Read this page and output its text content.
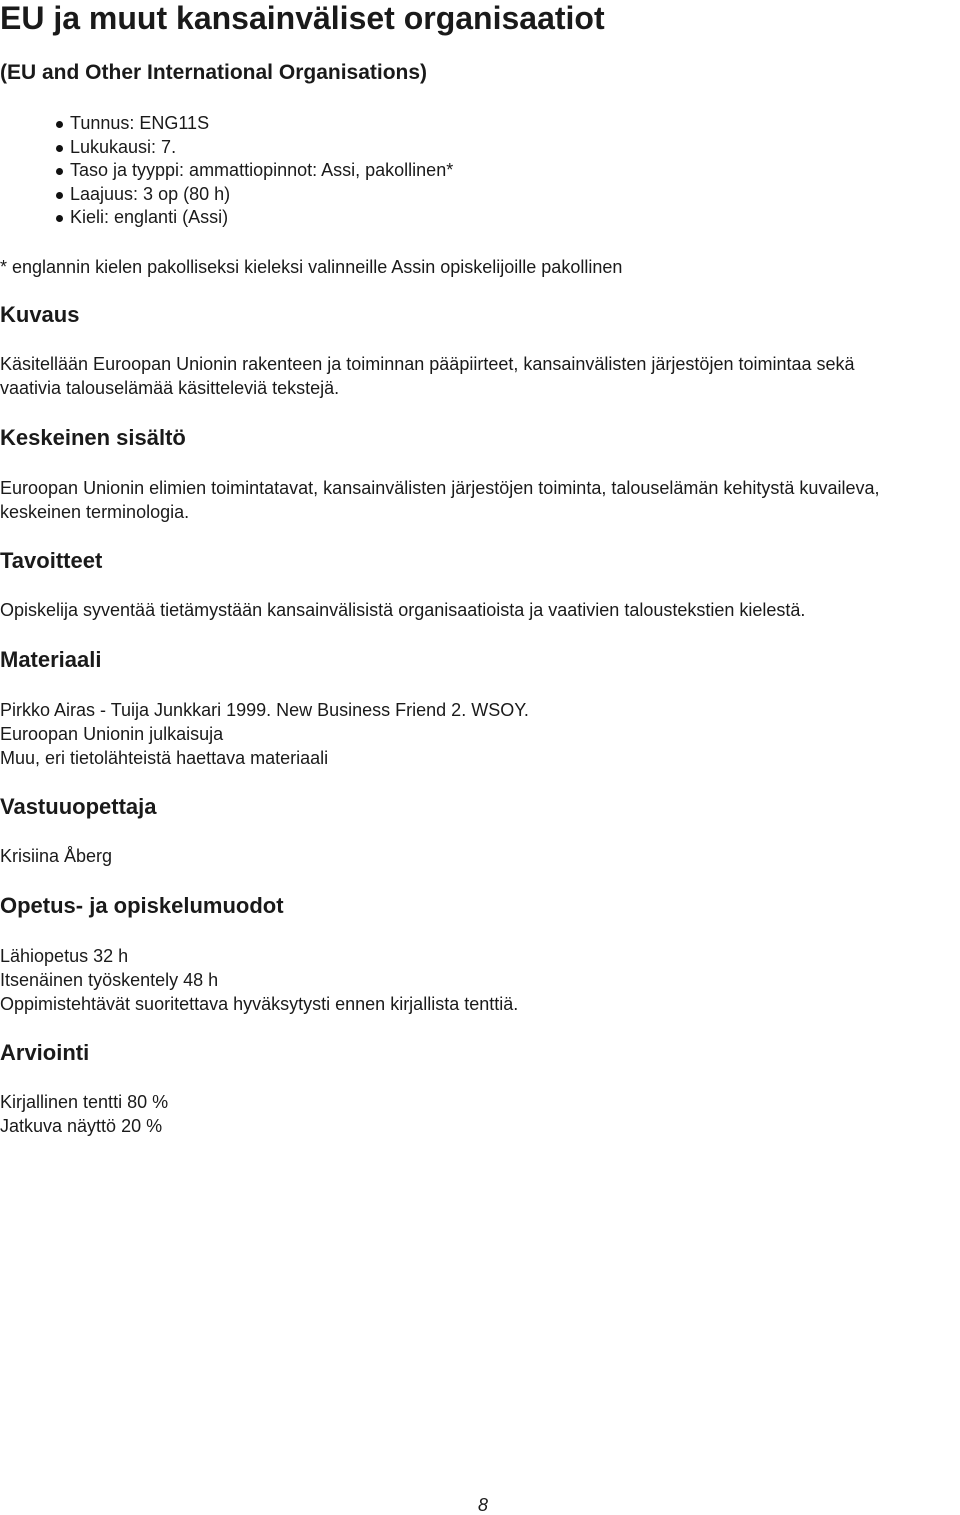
EU ja muut kansainväliset organisaatiot
(EU and Other International Organisations)
Tunnus: ENG11S
Lukukausi: 7.
Taso ja tyyppi: ammattiopinnot: Assi, pakollinen*
Laajuus: 3 op (80 h)
Kieli: englanti (Assi)

* englannin kielen pakolliseksi kieleksi valinneille Assin opiskelijoille pakollinen

Kuvaus

Käsitellään Euroopan Unionin rakenteen ja toiminnan pääpiirteet, kansainvälisten järjestöjen toimintaa sekä
vaativia talouselämää käsitteleviä tekstejä.

Keskeinen sisältö

Euroopan Unionin elimien toimintatavat, kansainvälisten järjestöjen toiminta, talouselämän kehitystä kuvaileva,
keskeinen terminologia.

Tavoitteet

Opiskelija syventää tietämystään kansainvälisistä organisaatioista ja vaativien taloustekstien kielestä.

Materiaali

Pirkko Airas - Tuija Junkkari 1999. New Business Friend 2. WSOY.
Euroopan Unionin julkaisuja
Muu, eri tietolähteistä haettava materiaali

Vastuuopettaja

Krisiina Åberg

Opetus- ja opiskelumuodot

Lähiopetus 32 h
Itsenäinen työskentely 48 h
Oppimistehtävät suoritettava hyväksytysti ennen kirjallista tenttiä.

Arviointi

Kirjallinen tentti 80 %
Jatkuva näyttö 20 %

8
